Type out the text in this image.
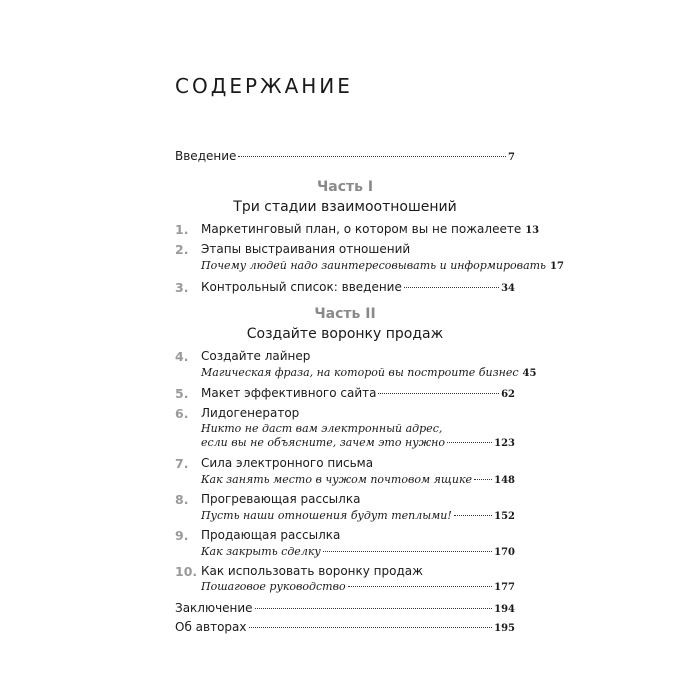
СОДЕРЖАНИЕ
Введение	7
Часть I
Три стадии взаимоотношений
1.	Маркетинговый план, о котором вы не пожалеете 13
2.	Этапы выстраивания отношений
Почему людей надо заинтересовывать и информировать 17
3.	Контрольный список: введение	34
Часть II
Создайте воронку продаж
4.	Создайте лайнер
Магическая фраза, на которой вы построите бизнес 45
5.	Макет эффективного сайта	62
6.	Лидогенератор
Никто не даст вам электронный адрес,
если вы не объясните, зачем это нужно	123
7.	Сила электронного письма
Как занять место в чужом почтовом ящике 148
8.	Прогревающая рассылка
Пусть наши отношения будут теплыми!	152
9.	Продающая рассылка
Как закрыть сделку	170
10. Как использовать воронку продаж
Пошаговое руководство	177
Заключение	194
Об авторах	195
